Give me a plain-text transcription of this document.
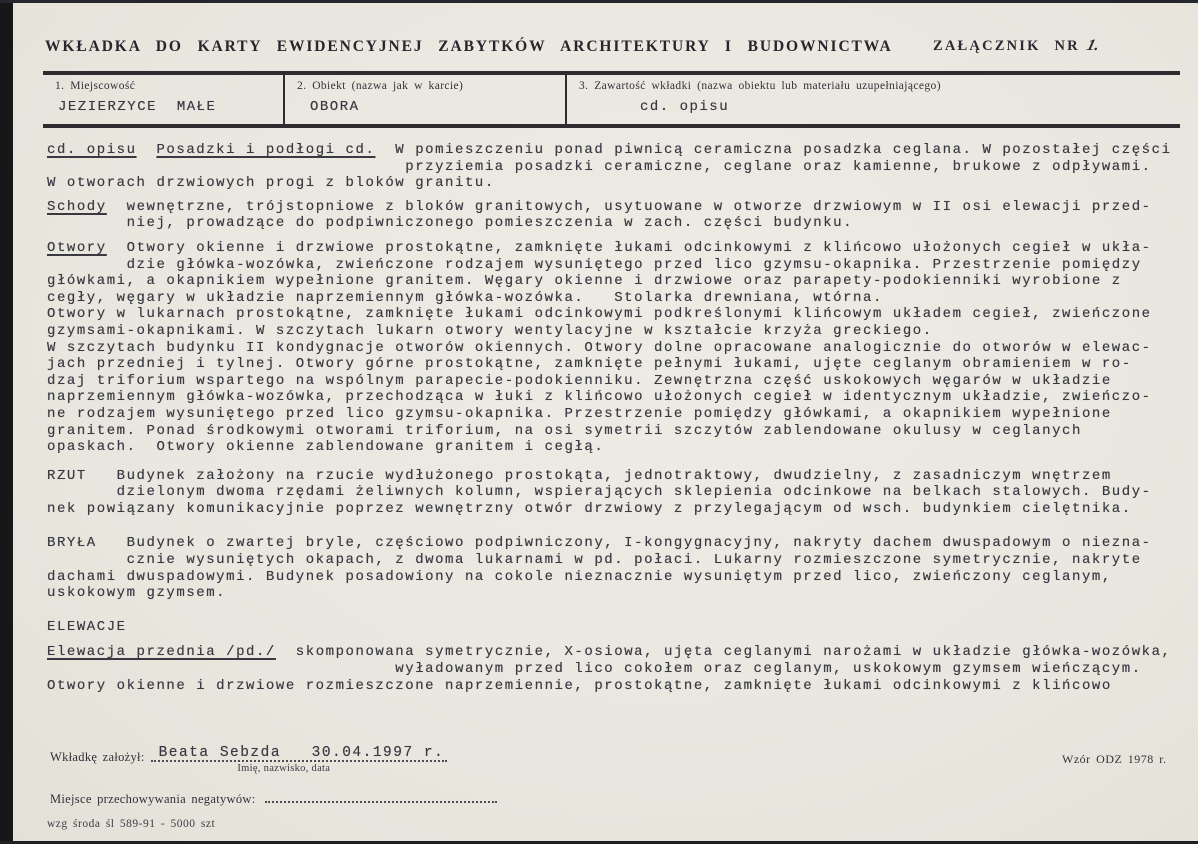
WKŁADKA DO KARTY EWIDENCYJNEJ ZABYTKÓW ARCHITEKTURY I BUDOWNICTWA	ZAŁĄCZNIK NR 1.
1. Miejscowość
JEZIERZYCE  MAŁE
2. Obiekt (nazwa jak w karcie)
OBORA
3. Zawartość wkładki (nazwa obiektu lub materiału uzupełniającego)
cd. opisu
cd. opisu Posadzki i podłogi cd.  W pomieszczeniu ponad piwnicą ceramiczna posadzka ceglana. W pozostałej części
przyziemia posadzki ceramiczne, ceglane oraz kamienne, brukowe z odpływami.
W otworach drzwiowych progi z bloków granitu.
Schody  wewnętrzne, trójstopniowe z bloków granitowych, usytuowane w otworze drzwiowym w II osi elewacji przed-
niej, prowadzące do podpiwniczonego pomieszczenia w zach. części budynku.
Otwory  Otwory okienne i drzwiowe prostokątne, zamknięte łukami odcinkowymi z klińcowo ułożonych cegieł w ukła-
dzie główka-wozówka, zwieńczone rodzajem wysuniętego przed lico gzymsu-okapnika. Przestrzenie pomiędzy
główkami, a okapnikiem wypełnione granitem. Węgary okienne i drzwiowe oraz parapety-podokienniki wyrobione z
cegły, węgary w układzie naprzemiennym główka-wozówka.   Stolarka drewniana, wtórna.
Otwory w lukarnach prostokątne, zamknięte łukami odcinkowymi podkreślonymi klińcowym układem cegieł, zwieńczone
gzymsami-okapnikami. W szczytach lukarn otwory wentylacyjne w kształcie krzyża greckiego.
W szczytach budynku II kondygnacje otworów okiennych. Otwory dolne opracowane analogicznie do otworów w elewac-
jach przedniej i tylnej. Otwory górne prostokątne, zamknięte pełnymi łukami, ujęte ceglanym obramieniem w ro-
dzaj triforium wspartego na wspólnym parapecie-podokienniku. Zewnętrzna część uskokowych węgarów w układzie
naprzemiennym główka-wozówka, przechodząca w łuki z klińcowo ułożonych cegieł w identycznym układzie, zwieńczo-
ne rodzajem wysuniętego przed lico gzymsu-okapnika. Przestrzenie pomiędzy główkami, a okapnikiem wypełnione
granitem. Ponad środkowymi otworami triforium, na osi symetrii szczytów zablendowane okulusy w ceglanych
opaskach.  Otwory okienne zablendowane granitem i cegłą.
RZUT   Budynek założony na rzucie wydłużonego prostokąta, jednotraktowy, dwudzielny, z zasadniczym wnętrzem
dzielonym dwoma rzędami żeliwnych kolumn, wspierających sklepienia odcinkowe na belkach stalowych. Budy-
nek powiązany komunikacyjnie poprzez wewnętrzny otwór drzwiowy z przylegającym od wsch. budynkiem cielętnika.
BRYŁA   Budynek o zwartej bryle, częściowo podpiwniczony, I-kongygnacyjny, nakryty dachem dwuspadowym o niezna-
cznie wysuniętych okapach, z dwoma lukarnami w pd. połaci. Lukarny rozmieszczone symetrycznie, nakryte
dachami dwuspadowymi. Budynek posadowiony na cokole nieznacznie wysuniętym przed lico, zwieńczony ceglanym,
uskokowym gzymsem.
ELEWACJE
Elewacja przednia /pd./  skomponowana symetrycznie, X-osiowa, ujęta ceglanymi narożami w układzie główka-wozówka,
wyładowanym przed lico cokołem oraz ceglanym, uskokowym gzymsem wieńczącym.
Otwory okienne i drzwiowe rozmieszczone naprzemiennie, prostokątne, zamknięte łukami odcinkowymi z klińcowo
Wkładkę założył: Beata Sebzda   30.04.1997 r.
Imię, nazwisko, data
Wzór ODZ 1978 r.
Miejsce przechowywania negatywów:
wzg środa śl 589-91 - 5000 szt
